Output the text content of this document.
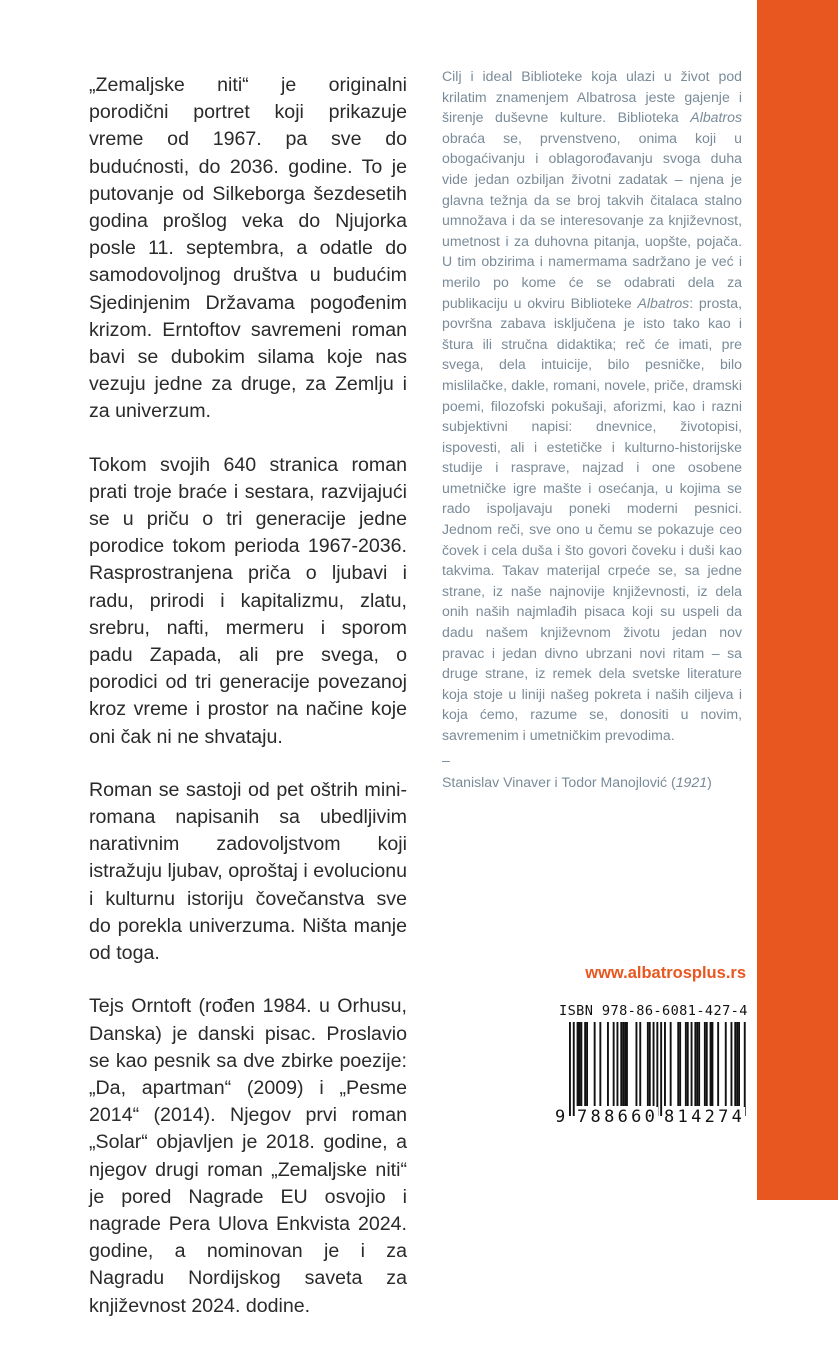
„Zemaljske niti“ je originalni porodični portret koji prikazuje vreme od 1967. pa sve do budućnosti, do 2036. godine. To je putovanje od Silkeborga šezdesetih godina prošlog veka do Njujorka posle 11. septembra, a odatle do samodovoljnog društva u budućim Sjedinjenim Državama pogođenim krizom. Erntoftov savremeni roman bavi se dubokim silama koje nas vezuju jedne za druge, za Zemlju i za univerzum.

Tokom svojih 640 stranica roman prati troje braće i sestara, razvijajući se u priču o tri generacije jedne porodice tokom perioda 1967-2036. Rasprostranjena priča o ljubavi i radu, prirodi i kapitalizmu, zlatu, srebru, nafti, mermeru i sporom padu Zapada, ali pre svega, o porodici od tri generacije povezanoj kroz vreme i prostor na načine koje oni čak ni ne shvataju.

Roman se sastoji od pet oštrih mini-romana napisanih sa ubedljivim narativnim zadovoljstvom koji istražuju ljubav, oproštaj i evolucionu i kulturnu istoriju čovečanstva sve do porekla univerzuma. Ništa manje od toga.

Tejs Orntoft (rođen 1984. u Orhusu, Danska) je danski pisac. Proslavio se kao pesnik sa dve zbirke poezije: „Da, apartman“ (2009) i „Pesme 2014“ (2014). Njegov prvi roman „Solar“ objavljen je 2018. godine, a njegov drugi roman „Zemaljske niti“ je pored Nagrade EU osvojio i nagrade Pera Ulova Enkvista 2024. godine, a nominovan je i za Nagradu Nordijskog saveta za književnost 2024. dodine.

Cilj i ideal Biblioteke koja ulazi u život pod krilatim znamenjem Albatrosa jeste gajenje i širenje duševne kulture. Biblioteka Albatros obraća se, prvenstveno, onima koji u obogaćivanju i oblagorođavanju svoga duha vide jedan ozbiljan životni zadatak – njena je glavna težnja da se broj takvih čitalaca stalno umnožava i da se interesovanje za književnost, umetnost i za duhovna pitanja, uopšte, pojača. U tim obzirima i namermama sadržano je već i merilo po kome će se odabrati dela za publikaciju u okviru Biblioteke Albatros: prosta, površna zabava isključena je isto tako kao i štura ili stručna didaktika; reč će imati, pre svega, dela intuicije, bilo pesničke, bilo mislilačke, dakle, romani, novele, priče, dramski poemi, filozofski pokušaji, aforizmi, kao i razni subjektivni napisi: dnevnice, životopisi, ispovesti, ali i estetičke i kulturno-historijske studije i rasprave, najzad i one osobene umetničke igre mašte i osećanja, u kojima se rado ispoljavaju poneki moderni pesnici. Jednom reči, sve ono u čemu se pokazuje ceo čovek i cela duša i što govori čoveku i duši kao takvima. Takav materijal crpeće se, sa jedne strane, iz naše najnovije književnosti, iz dela onih naših najmlađih pisaca koji su uspeli da dadu našem književnom životu jedan nov pravac i jedan divno ubrzani novi ritam – sa druge strane, iz remek dela svetske literature koja stoje u liniji našeg pokreta i naših ciljeva i koja ćemo, razume se, donositi u novim, savremenim i umetničkim prevodima.

–

Stanislav Vinaver i Todor Manojlović (1921)

www.albatrosplus.rs
ISBN 978-86-6081-427-4
9 788660 814274
